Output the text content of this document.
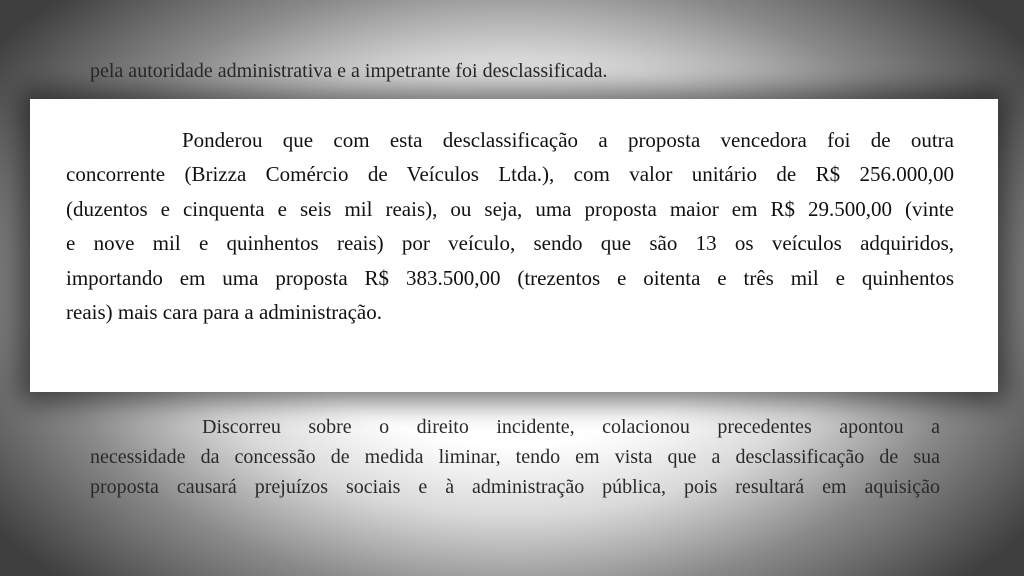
pela autoridade administrativa e a impetrante foi desclassificada.
Ponderou que com esta desclassificação a proposta vencedora foi de outra
concorrente (Brizza Comércio de Veículos Ltda.), com valor unitário de R$ 256.000,00
(duzentos e cinquenta e seis mil reais), ou seja, uma proposta maior em R$ 29.500,00 (vinte
e nove mil e quinhentos reais) por veículo, sendo que são 13 os veículos adquiridos,
importando em uma proposta R$ 383.500,00 (trezentos e oitenta e três mil e quinhentos
reais) mais cara para a administração.
Discorreu sobre o direito incidente, colacionou precedentes apontou a
necessidade da concessão de medida liminar, tendo em vista que a desclassificação de sua
proposta causará prejuízos sociais e à administração pública, pois resultará em aquisição
